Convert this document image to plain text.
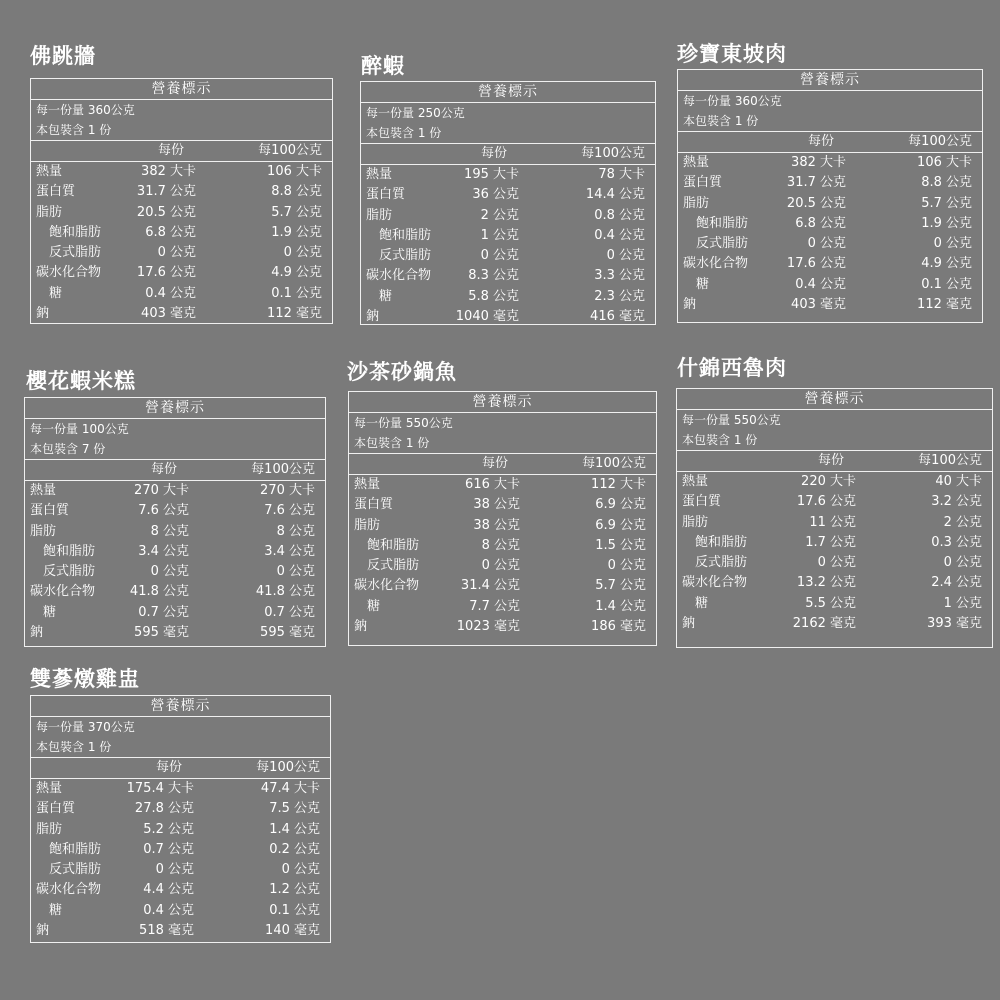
佛跳牆
營養標示
每一份量 360公克
本包裝含 1 份
每份	每100公克
熱量	382 大卡	106 大卡
蛋白質	31.7 公克	8.8 公克
脂肪	20.5 公克	5.7 公克
飽和脂肪	6.8 公克	1.9 公克
反式脂肪	0 公克	0 公克
碳水化合物	17.6 公克	4.9 公克
糖	0.4 公克	0.1 公克
鈉	403 毫克	112 毫克
醉蝦
營養標示
每一份量 250公克
本包裝含 1 份
每份	每100公克
熱量	195 大卡	78 大卡
蛋白質	36 公克	14.4 公克
脂肪	2 公克	0.8 公克
飽和脂肪	1 公克	0.4 公克
反式脂肪	0 公克	0 公克
碳水化合物	8.3 公克	3.3 公克
糖	5.8 公克	2.3 公克
鈉	1040 毫克	416 毫克
珍寶東坡肉
營養標示
每一份量 360公克
本包裝含 1 份
每份	每100公克
熱量	382 大卡	106 大卡
蛋白質	31.7 公克	8.8 公克
脂肪	20.5 公克	5.7 公克
飽和脂肪	6.8 公克	1.9 公克
反式脂肪	0 公克	0 公克
碳水化合物	17.6 公克	4.9 公克
糖	0.4 公克	0.1 公克
鈉	403 毫克	112 毫克
櫻花蝦米糕
營養標示
每一份量 100公克
本包裝含 7 份
每份	每100公克
熱量	270 大卡	270 大卡
蛋白質	7.6 公克	7.6 公克
脂肪	8 公克	8 公克
飽和脂肪	3.4 公克	3.4 公克
反式脂肪	0 公克	0 公克
碳水化合物	41.8 公克	41.8 公克
糖	0.7 公克	0.7 公克
鈉	595 毫克	595 毫克
沙茶砂鍋魚
營養標示
每一份量 550公克
本包裝含 1 份
每份	每100公克
熱量	616 大卡	112 大卡
蛋白質	38 公克	6.9 公克
脂肪	38 公克	6.9 公克
飽和脂肪	8 公克	1.5 公克
反式脂肪	0 公克	0 公克
碳水化合物	31.4 公克	5.7 公克
糖	7.7 公克	1.4 公克
鈉	1023 毫克	186 毫克
什錦西魯肉
營養標示
每一份量 550公克
本包裝含 1 份
每份	每100公克
熱量	220 大卡	40 大卡
蛋白質	17.6 公克	3.2 公克
脂肪	11 公克	2 公克
飽和脂肪	1.7 公克	0.3 公克
反式脂肪	0 公克	0 公克
碳水化合物	13.2 公克	2.4 公克
糖	5.5 公克	1 公克
鈉	2162 毫克	393 毫克
雙蔘燉雞盅
營養標示
每一份量 370公克
本包裝含 1 份
每份	每100公克
熱量	175.4 大卡	47.4 大卡
蛋白質	27.8 公克	7.5 公克
脂肪	5.2 公克	1.4 公克
飽和脂肪	0.7 公克	0.2 公克
反式脂肪	0 公克	0 公克
碳水化合物	4.4 公克	1.2 公克
糖	0.4 公克	0.1 公克
鈉	518 毫克	140 毫克
